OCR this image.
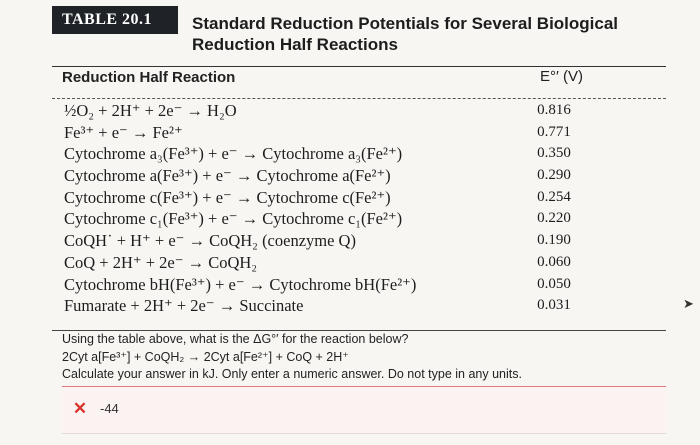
TABLE 20.1	Standard Reduction Potentials for Several Biological
Reduction Half Reactions
Reduction Half Reaction	E°′ (V)
½O₂ + 2H⁺ + 2e⁻ → H₂O	0.816
Fe³⁺ + e⁻ → Fe²⁺	0.771
Cytochrome a₃(Fe³⁺) + e⁻ → Cytochrome a₃(Fe²⁺)	0.350
Cytochrome a(Fe³⁺) + e⁻ → Cytochrome a(Fe²⁺)	0.290
Cytochrome c(Fe³⁺) + e⁻ → Cytochrome c(Fe²⁺)	0.254
Cytochrome c₁(Fe³⁺) + e⁻ → Cytochrome c₁(Fe²⁺)	0.220
CoQH˙ + H⁺ + e⁻ → CoQH₂ (coenzyme Q)	0.190
CoQ + 2H⁺ + 2e⁻ → CoQH₂	0.060
Cytochrome bH(Fe³⁺) + e⁻ → Cytochrome bH(Fe²⁺)	0.050
Fumarate + 2H⁺ + 2e⁻ → Succinate	0.031
Using the table above, what is the ΔG°′ for the reaction below?
2Cyt a[Fe³⁺] + CoQH₂ → 2Cyt a[Fe²⁺] + CoQ + 2H⁺
Calculate your answer in kJ. Only enter a numeric answer. Do not type in any units.
✕ -44
➤
